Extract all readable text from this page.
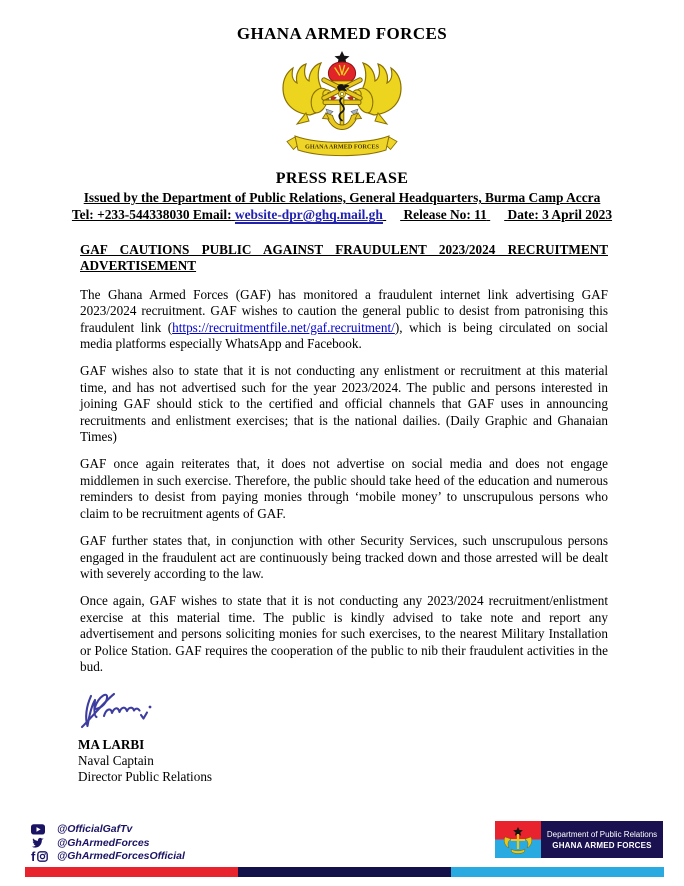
GHANA ARMED FORCES
GHANA ARMED FORCES
PRESS RELEASE
Issued by the Department of Public Relations, General Headquarters, Burma Camp Accra
Tel: +233-544338030 Email: website-dpr@ghq.mail.gh Release No: 11 Date: 3 April 2023
GAF CAUTIONS PUBLIC AGAINST FRAUDULENT 2023/2024 RECRUITMENT ADVERTISEMENT

The Ghana Armed Forces (GAF) has monitored a fraudulent internet link advertising GAF 2023/2024 recruitment. GAF wishes to caution the general public to desist from patronising this fraudulent link (https://recruitmentfile.net/gaf.recruitment/), which is being circulated on social media platforms especially WhatsApp and Facebook.

GAF wishes also to state that it is not conducting any enlistment or recruitment at this material time, and has not advertised such for the year 2023/2024. The public and persons interested in joining GAF should stick to the certified and official channels that GAF uses in announcing recruitments and enlistment exercises; that is the national dailies. (Daily Graphic and Ghanaian Times)

GAF once again reiterates that, it does not advertise on social media and does not engage middlemen in such exercise. Therefore, the public should take heed of the education and numerous reminders to desist from paying monies through ‘mobile money’ to unscrupulous persons who claim to be recruitment agents of GAF.

GAF further states that, in conjunction with other Security Services, such unscrupulous persons engaged in the fraudulent act are continuously being tracked down and those arrested will be dealt with severely according to the law.

Once again, GAF wishes to state that it is not conducting any 2023/2024 recruitment/enlistment exercise at this material time. The public is kindly advised to take note and report any advertisement and persons soliciting monies for such exercises, to the nearest Military Installation or Police Station. GAF requires the cooperation of the public to nib their fraudulent activities in the bud.

MA LARBI
Naval Captain
Director Public Relations
@OfficialGafTv
@GhArmedForces
f @GhArmedForcesOfficial
Department of Public Relations
GHANA ARMED FORCES
